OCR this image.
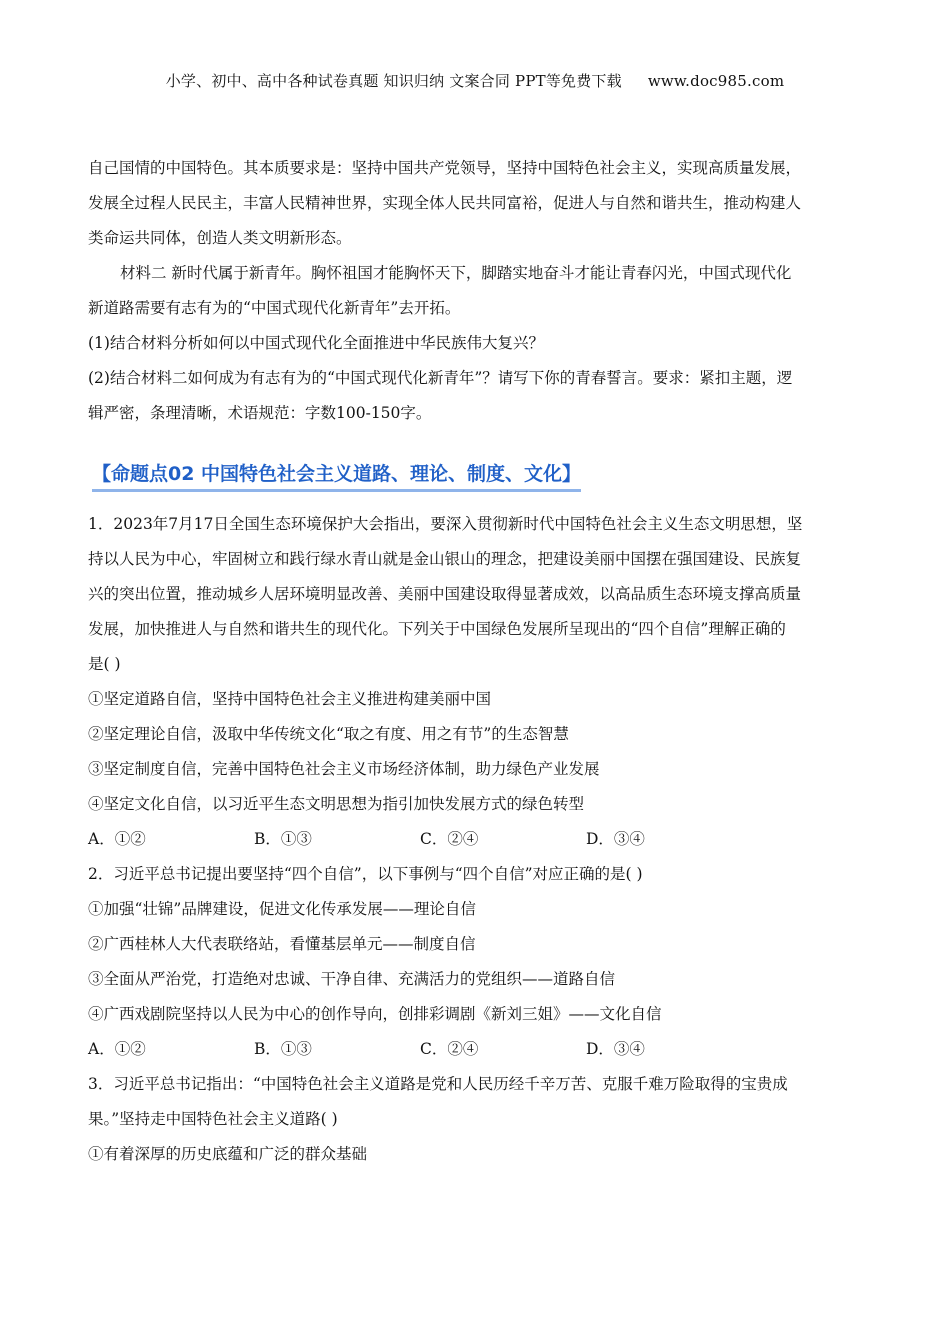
小学、初中、高中各种试卷真题 知识归纳 文案合同 PPT等免费下载 www.doc985.com
自己国情的中国特色。其本质要求是：坚持中国共产党领导，坚持中国特色社会主义，实现高质量发展，
发展全过程人民民主，丰富人民精神世界，实现全体人民共同富裕，促进人与自然和谐共生，推动构建人
类命运共同体，创造人类文明新形态。
材料二 新时代属于新青年。胸怀祖国才能胸怀天下，脚踏实地奋斗才能让青春闪光，中国式现代化
新道路需要有志有为的“中国式现代化新青年”去开拓。
(1)结合材料分析如何以中国式现代化全面推进中华民族伟大复兴？
(2)结合材料二如何成为有志有为的“中国式现代化新青年”？请写下你的青春誓言。要求：紧扣主题，逻
辑严密，条理清晰，术语规范：字数100-150字。
【命题点02 中国特色社会主义道路、理论、制度、文化】
1．2023年7月17日全国生态环境保护大会指出，要深入贯彻新时代中国特色社会主义生态文明思想，坚
持以人民为中心，牢固树立和践行绿水青山就是金山银山的理念，把建设美丽中国摆在强国建设、民族复
兴的突出位置，推动城乡人居环境明显改善、美丽中国建设取得显著成效，以高品质生态环境支撑高质量
发展，加快推进人与自然和谐共生的现代化。下列关于中国绿色发展所呈现出的“四个自信”理解正确的
是( )
①坚定道路自信，坚持中国特色社会主义推进构建美丽中国
②坚定理论自信，汲取中华传统文化“取之有度、用之有节”的生态智慧
③坚定制度自信，完善中国特色社会主义市场经济体制，助力绿色产业发展
④坚定文化自信，以习近平生态文明思想为指引加快发展方式的绿色转型
A．①②	B．①③	C．②④	D．③④
2．习近平总书记提出要坚持“四个自信”，以下事例与“四个自信”对应正确的是( )
①加强“壮锦”品牌建设，促进文化传承发展——理论自信
②广西桂林人大代表联络站，看懂基层单元——制度自信
③全面从严治党，打造绝对忠诚、干净自律、充满活力的党组织——道路自信
④广西戏剧院坚持以人民为中心的创作导向，创排彩调剧《新刘三姐》——文化自信
A．①②	B．①③	C．②④	D．③④
3．习近平总书记指出：“中国特色社会主义道路是党和人民历经千辛万苦、克服千难万险取得的宝贵成
果。”坚持走中国特色社会主义道路( )
①有着深厚的历史底蕴和广泛的群众基础
